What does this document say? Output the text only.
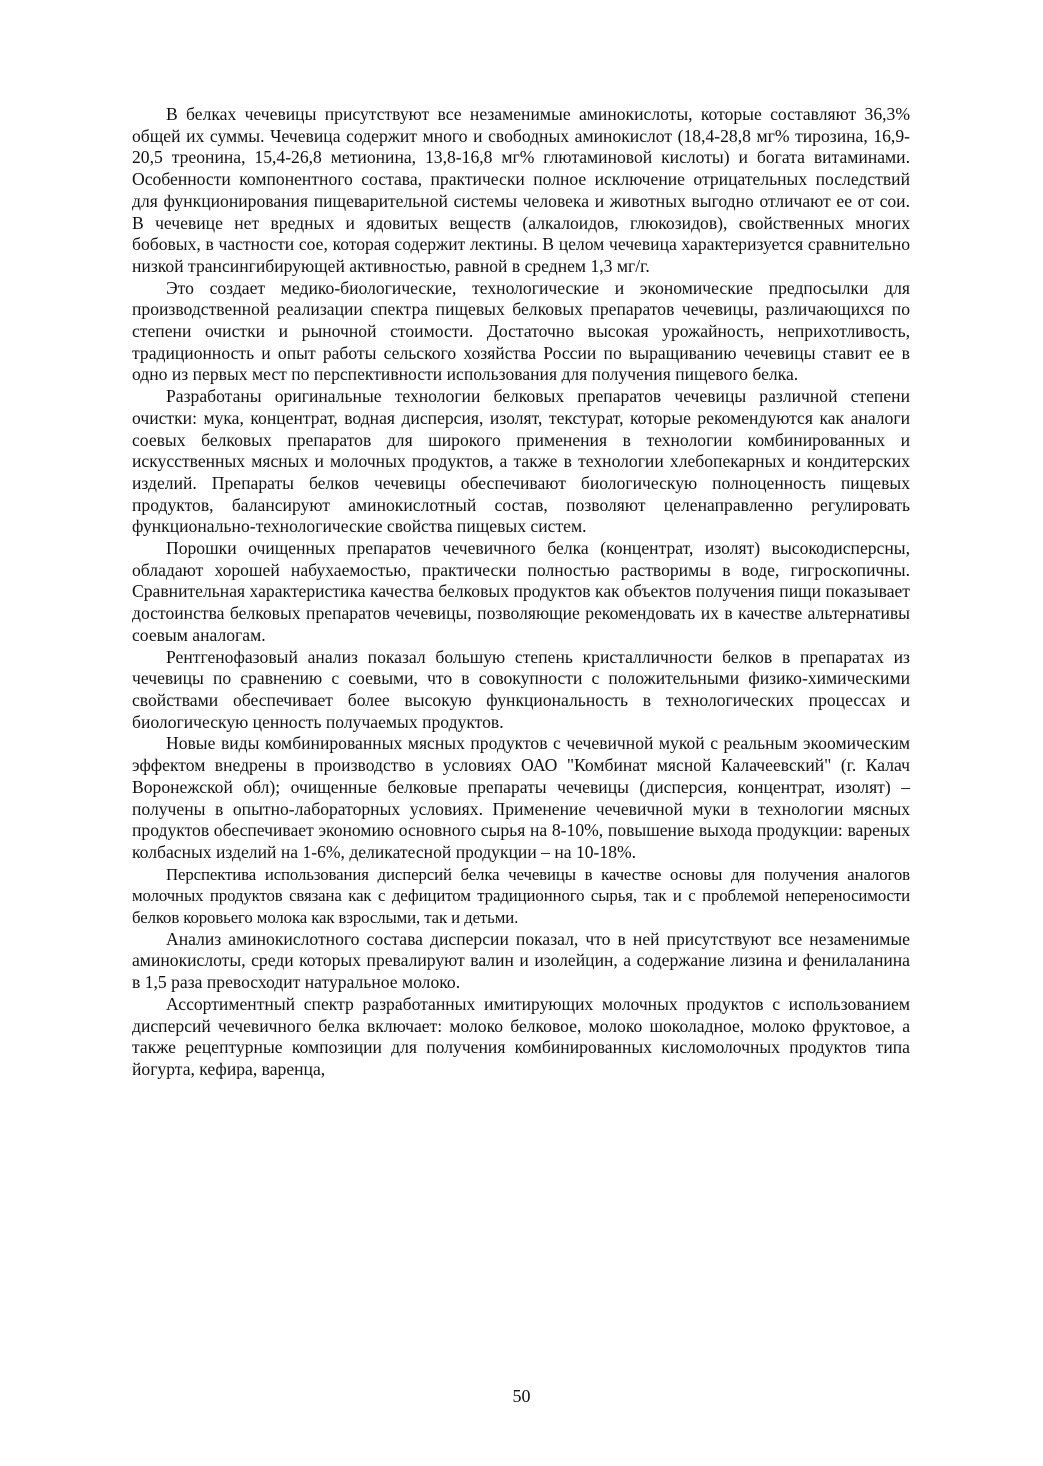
В белках чечевицы присутствуют все незаменимые аминокислоты, которые составляют 36,3% общей их суммы. Чечевица содержит много и свободных аминокислот (18,4-28,8 мг% тирозина, 16,9-20,5 треонина, 15,4-26,8 метионина, 13,8-16,8 мг% глютаминовой кислоты) и богата витаминами. Особенности компонентного состава, практически полное исключение отрицательных последствий для функционирования пищеварительной системы человека и животных выгодно отличают ее от сои. В чечевице нет вредных и ядовитых веществ (алкалоидов, глюкозидов), свойственных многих бобовых, в частности сое, которая содержит лектины. В целом чечевица характеризуется сравнительно низкой трансингибирующей активностью, равной в среднем 1,3 мг/г.

Это создает медико-биологические, технологические и экономические предпосылки для производственной реализации спектра пищевых белковых препаратов чечевицы, различающихся по степени очистки и рыночной стоимости. Достаточно высокая урожайность, неприхотливость, традиционность и опыт работы сельского хозяйства России по выращиванию чечевицы ставит ее в одно из первых мест по перспективности использования для получения пищевого белка.

Разработаны оригинальные технологии белковых препаратов чечевицы различной степени очистки: мука, концентрат, водная дисперсия, изолят, текстурат, которые рекомендуются как аналоги соевых белковых препаратов для широкого применения в технологии комбинированных и искусственных мясных и молочных продуктов, а также в технологии хлебопекарных и кондитерских изделий. Препараты белков чечевицы обеспечивают биологическую полноценность пищевых продуктов, балансируют аминокислотный состав, позволяют целенаправленно регулировать функционально-технологические свойства пищевых систем.

Порошки очищенных препаратов чечевичного белка (концентрат, изолят) высокодисперсны, обладают хорошей набухаемостью, практически полностью растворимы в воде, гигроскопичны. Сравнительная характеристика качества белковых продуктов как объектов получения пищи показывает достоинства белковых препаратов чечевицы, позволяющие рекомендовать их в качестве альтернативы соевым аналогам.

Рентгенофазовый анализ показал большую степень кристалличности белков в препаратах из чечевицы по сравнению с соевыми, что в совокупности с положительными физико-химическими свойствами обеспечивает более высокую функциональность в технологических процессах и биологическую ценность получаемых продуктов.

Новые виды комбинированных мясных продуктов с чечевичной мукой с реальным экоомическим эффектом внедрены в производство в условиях ОАО "Комбинат мясной Калачеевский" (г. Калач Воронежской обл); очищенные белковые препараты чечевицы (дисперсия, концентрат, изолят) – получены в опытно-лабораторных условиях. Применение чечевичной муки в технологии мясных продуктов обеспечивает экономию основного сырья на 8-10%, повышение выхода продукции: вареных колбасных изделий на 1-6%, деликатесной продукции – на 10-18%.

Перспектива использования дисперсий белка чечевицы в качестве основы для получения аналогов молочных продуктов связана как с дефицитом традиционного сырья, так и с проблемой непереносимости белков коровьего молока как взрослыми, так и детьми.

Анализ аминокислотного состава дисперсии показал, что в ней присутствуют все незаменимые аминокислоты, среди которых превалируют валин и изолейцин, а содержание лизина и фенилаланина в 1,5 раза превосходит натуральное молоко.

Ассортиментный спектр разработанных имитирующих молочных продуктов с использованием дисперсий чечевичного белка включает: молоко белковое, молоко шоколадное, молоко фруктовое, а также рецептурные композиции для получения комбинированных кисломолочных продуктов типа йогурта, кефира, варенца,

50
